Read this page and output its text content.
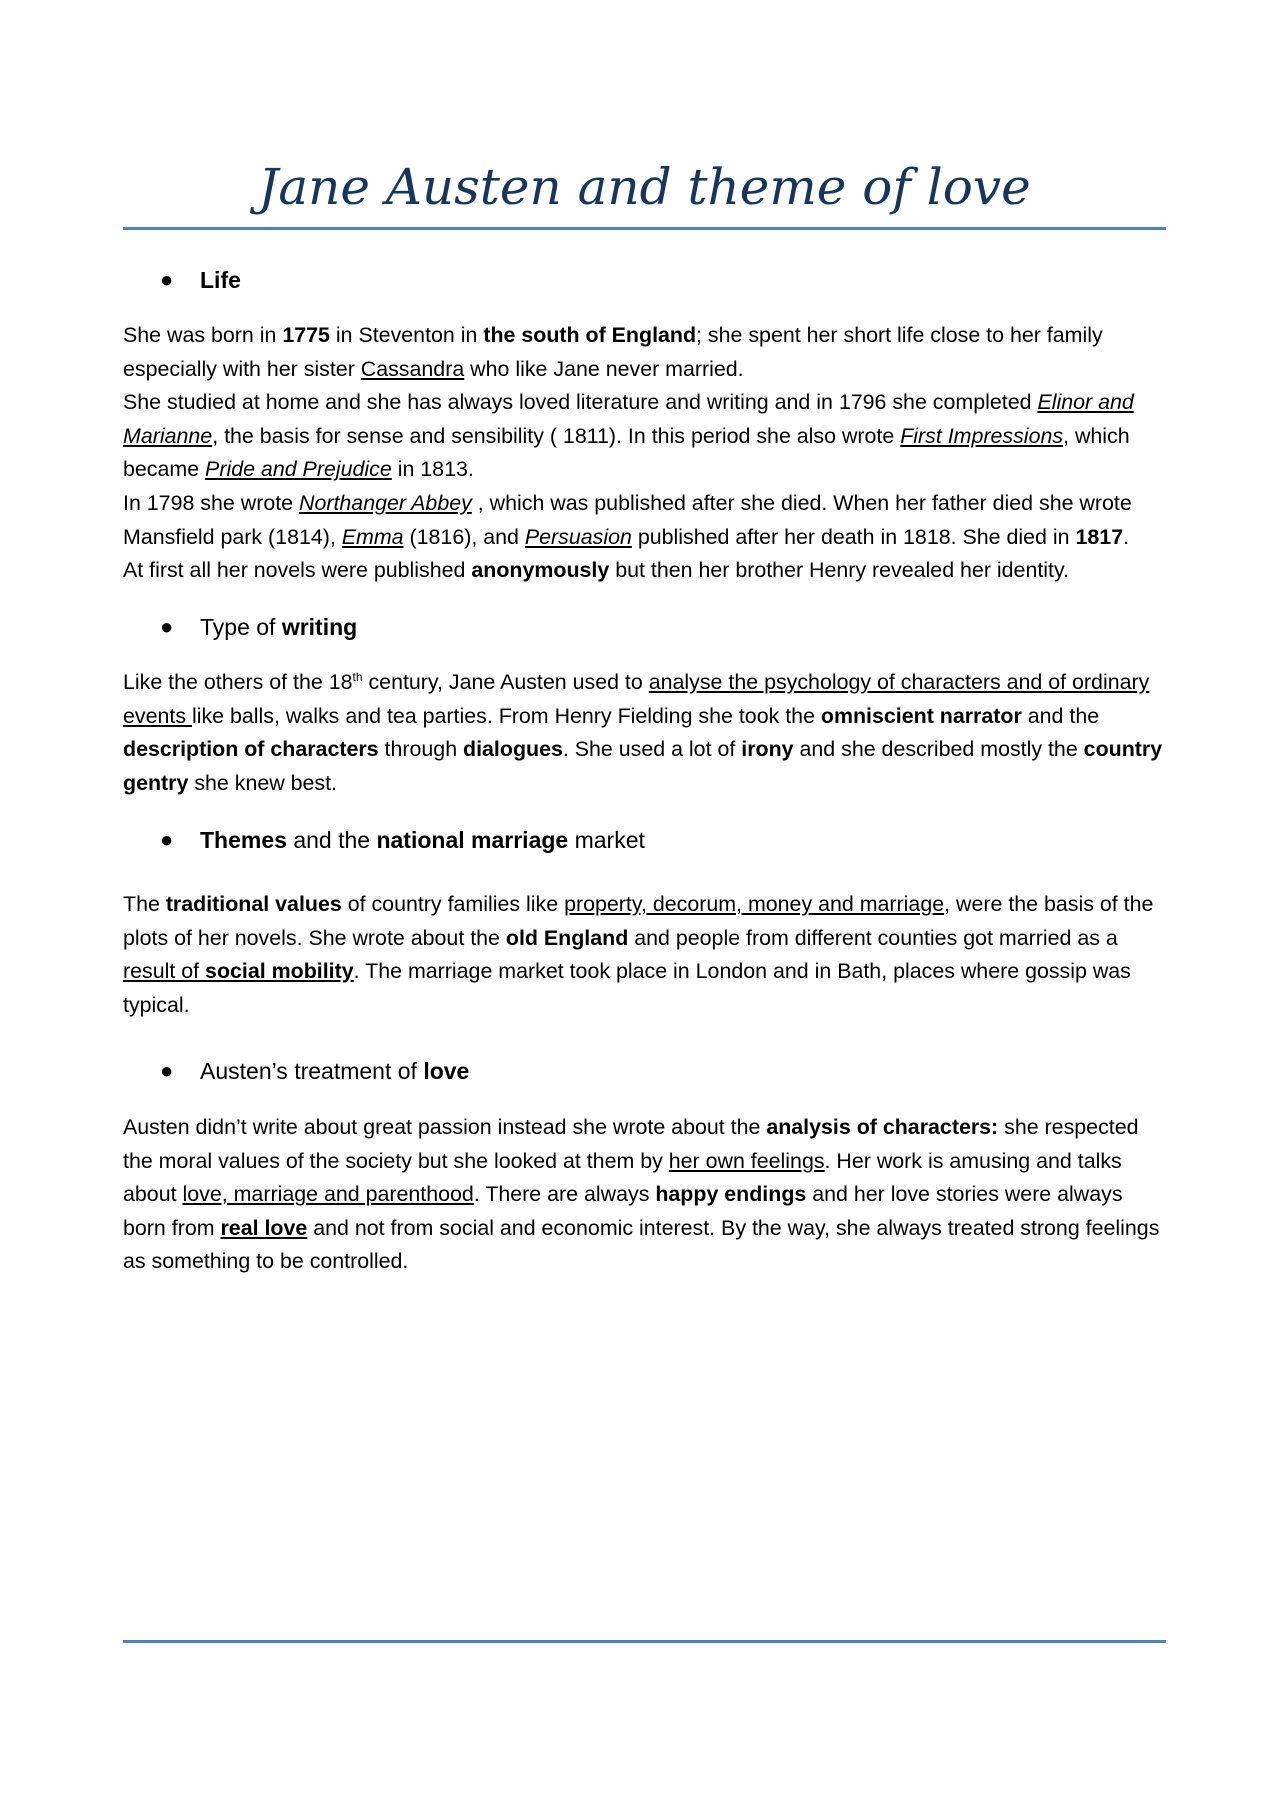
Jane Austen and theme of love
●	Life

She was born in 1775 in Steventon in the south of England; she spent her short life close to her family especially with her sister Cassandra who like Jane never married.

She studied at home and she has always loved literature and writing and in 1796 she completed Elinor and Marianne, the basis for sense and sensibility ( 1811). In this period she also wrote First Impressions, which became Pride and Prejudice in 1813.

In 1798 she wrote Northanger Abbey , which was published after she died. When her father died she wrote Mansfield park (1814), Emma (1816), and Persuasion published after her death in 1818. She died in 1817.

At first all her novels were published anonymously but then her brother Henry revealed her identity.

●	Type of writing

Like the others of the 18th century, Jane Austen used to analyse the psychology of characters and of ordinary events like balls, walks and tea parties. From Henry Fielding she took the omniscient narrator and the description of characters through dialogues. She used a lot of irony and she described mostly the country gentry she knew best.

●	Themes and the national marriage market

The traditional values of country families like property, decorum, money and marriage, were the basis of the plots of her novels. She wrote about the old England and people from different counties got married as a result of social mobility. The marriage market took place in London and in Bath, places where gossip was typical.

●	Austen’s treatment of love

Austen didn’t write about great passion instead she wrote about the analysis of characters: she respected the moral values of the society but she looked at them by her own feelings. Her work is amusing and talks about love, marriage and parenthood. There are always happy endings and her love stories were always born from real love and not from social and economic interest. By the way, she always treated strong feelings as something to be controlled.
